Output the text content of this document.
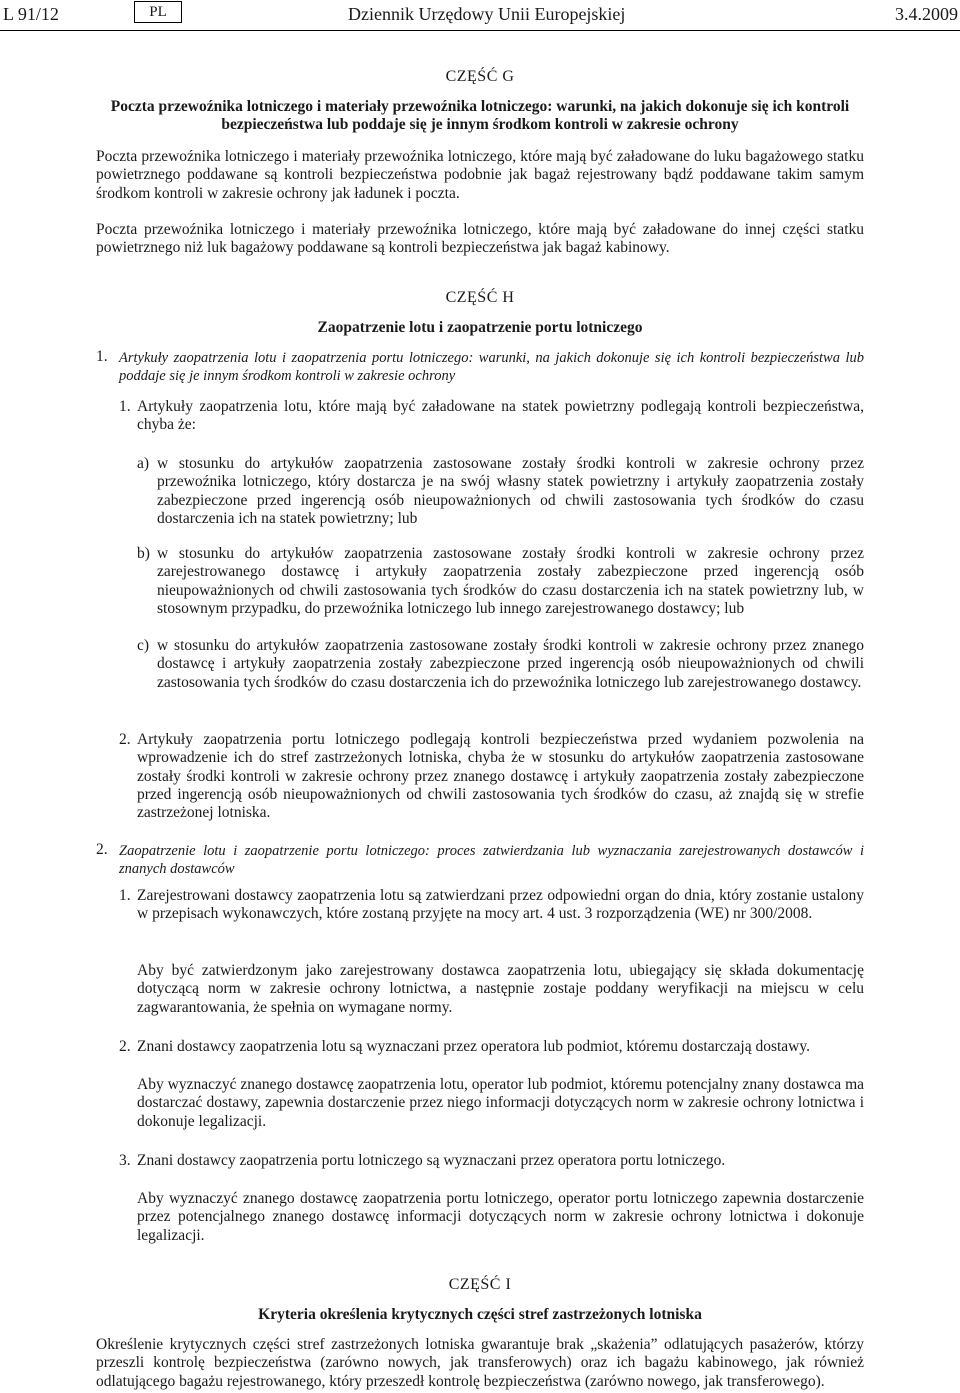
L 91/12	PL	Dziennik Urzędowy Unii Europejskiej	3.4.2009
CZĘŚĆ G
Poczta przewoźnika lotniczego i materiały przewoźnika lotniczego: warunki, na jakich dokonuje się ich kontroli bezpieczeństwa lub poddaje się je innym środkom kontroli w zakresie ochrony
Poczta przewoźnika lotniczego i materiały przewoźnika lotniczego, które mają być załadowane do luku bagażowego statku powietrznego poddawane są kontroli bezpieczeństwa podobnie jak bagaż rejestrowany bądź poddawane takim samym środkom kontroli w zakresie ochrony jak ładunek i poczta.
Poczta przewoźnika lotniczego i materiały przewoźnika lotniczego, które mają być załadowane do innej części statku powietrznego niż luk bagażowy poddawane są kontroli bezpieczeństwa jak bagaż kabinowy.
CZĘŚĆ H
Zaopatrzenie lotu i zaopatrzenie portu lotniczego
1. Artykuły zaopatrzenia lotu i zaopatrzenia portu lotniczego: warunki, na jakich dokonuje się ich kontroli bezpieczeństwa lub poddaje się je innym środkom kontroli w zakresie ochrony
1. Artykuły zaopatrzenia lotu, które mają być załadowane na statek powietrzny podlegają kontroli bezpieczeństwa, chyba że:
a) w stosunku do artykułów zaopatrzenia zastosowane zostały środki kontroli w zakresie ochrony przez przewoźnika lotniczego, który dostarcza je na swój własny statek powietrzny i artykuły zaopatrzenia zostały zabezpieczone przed ingerencją osób nieupoważnionych od chwili zastosowania tych środków do czasu dostarczenia ich na statek powietrzny; lub
b) w stosunku do artykułów zaopatrzenia zastosowane zostały środki kontroli w zakresie ochrony przez zarejestrowanego dostawcę i artykuły zaopatrzenia zostały zabezpieczone przed ingerencją osób nieupoważnionych od chwili zastosowania tych środków do czasu dostarczenia ich na statek powietrzny lub, w stosownym przypadku, do przewoźnika lotniczego lub innego zarejestrowanego dostawcy; lub
c) w stosunku do artykułów zaopatrzenia zastosowane zostały środki kontroli w zakresie ochrony przez znanego dostawcę i artykuły zaopatrzenia zostały zabezpieczone przed ingerencją osób nieupoważnionych od chwili zastosowania tych środków do czasu dostarczenia ich do przewoźnika lotniczego lub zarejestrowanego dostawcy.
2. Artykuły zaopatrzenia portu lotniczego podlegają kontroli bezpieczeństwa przed wydaniem pozwolenia na wprowadzenie ich do stref zastrzeżonych lotniska, chyba że w stosunku do artykułów zaopatrzenia zastosowane zostały środki kontroli w zakresie ochrony przez znanego dostawcę i artykuły zaopatrzenia zostały zabezpieczone przed ingerencją osób nieupoważnionych od chwili zastosowania tych środków do czasu, aż znajdą się w strefie zastrzeżonej lotniska.
2. Zaopatrzenie lotu i zaopatrzenie portu lotniczego: proces zatwierdzania lub wyznaczania zarejestrowanych dostawców i znanych dostawców
1. Zarejestrowani dostawcy zaopatrzenia lotu są zatwierdzani przez odpowiedni organ do dnia, który zostanie ustalony w przepisach wykonawczych, które zostaną przyjęte na mocy art. 4 ust. 3 rozporządzenia (WE) nr 300/2008.
Aby być zatwierdzonym jako zarejestrowany dostawca zaopatrzenia lotu, ubiegający się składa dokumentację dotyczącą norm w zakresie ochrony lotnictwa, a następnie zostaje poddany weryfikacji na miejscu w celu zagwarantowania, że spełnia on wymagane normy.
2. Znani dostawcy zaopatrzenia lotu są wyznaczani przez operatora lub podmiot, któremu dostarczają dostawy.
Aby wyznaczyć znanego dostawcę zaopatrzenia lotu, operator lub podmiot, któremu potencjalny znany dostawca ma dostarczać dostawy, zapewnia dostarczenie przez niego informacji dotyczących norm w zakresie ochrony lotnictwa i dokonuje legalizacji.
3. Znani dostawcy zaopatrzenia portu lotniczego są wyznaczani przez operatora portu lotniczego.
Aby wyznaczyć znanego dostawcę zaopatrzenia portu lotniczego, operator portu lotniczego zapewnia dostarczenie przez potencjalnego znanego dostawcę informacji dotyczących norm w zakresie ochrony lotnictwa i dokonuje legalizacji.
CZĘŚĆ I
Kryteria określenia krytycznych części stref zastrzeżonych lotniska
Określenie krytycznych części stref zastrzeżonych lotniska gwarantuje brak „skażenia” odlatujących pasażerów, którzy przeszli kontrolę bezpieczeństwa (zarówno nowych, jak transferowych) oraz ich bagażu kabinowego, jak również odlatującego bagażu rejestrowanego, który przeszedł kontrolę bezpieczeństwa (zarówno nowego, jak transferowego).
